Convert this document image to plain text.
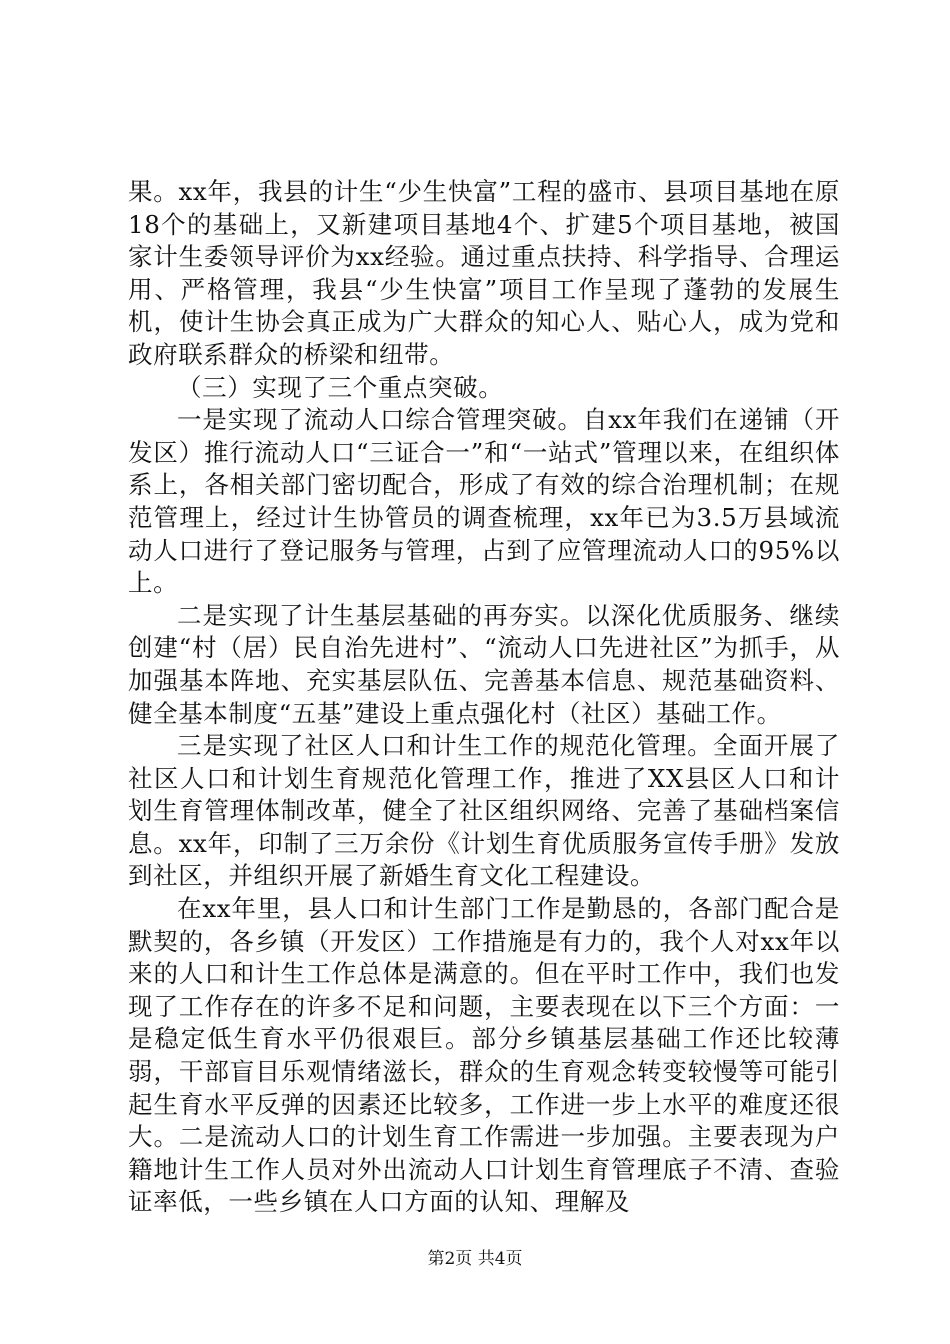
果。xx年，我县的计生“少生快富”工程的盛市、县项目基地在原18个的基础上，又新建项目基地4个、扩建5个项目基地，被国家计生委领导评价为xx经验。通过重点扶持、科学指导、合理运用、严格管理，我县“少生快富”项目工作呈现了蓬勃的发展生机，使计生协会真正成为广大群众的知心人、贴心人，成为党和政府联系群众的桥梁和纽带。

（三）实现了三个重点突破。

一是实现了流动人口综合管理突破。自xx年我们在递铺（开发区）推行流动人口“三证合一”和“一站式”管理以来，在组织体系上，各相关部门密切配合，形成了有效的综合治理机制；在规范管理上，经过计生协管员的调查梳理，xx年已为3.5万县域流动人口进行了登记服务与管理，占到了应管理流动人口的95%以上。

二是实现了计生基层基础的再夯实。以深化优质服务、继续创建“村（居）民自治先进村”、“流动人口先进社区”为抓手，从加强基本阵地、充实基层队伍、完善基本信息、规范基础资料、健全基本制度“五基”建设上重点强化村（社区）基础工作。

三是实现了社区人口和计生工作的规范化管理。全面开展了社区人口和计划生育规范化管理工作，推进了XX县区人口和计划生育管理体制改革，健全了社区组织网络、完善了基础档案信息。xx年，印制了三万余份《计划生育优质服务宣传手册》发放到社区，并组织开展了新婚生育文化工程建设。

在xx年里，县人口和计生部门工作是勤恳的，各部门配合是默契的，各乡镇（开发区）工作措施是有力的，我个人对xx年以来的人口和计生工作总体是满意的。但在平时工作中，我们也发现了工作存在的许多不足和问题，主要表现在以下三个方面：一是稳定低生育水平仍很艰巨。部分乡镇基层基础工作还比较薄弱，干部盲目乐观情绪滋长，群众的生育观念转变较慢等可能引起生育水平反弹的因素还比较多，工作进一步上水平的难度还很大。二是流动人口的计划生育工作需进一步加强。主要表现为户籍地计生工作人员对外出流动人口计划生育管理底子不清、查验证率低，一些乡镇在人口方面的认知、理解及

第2页 共4页
